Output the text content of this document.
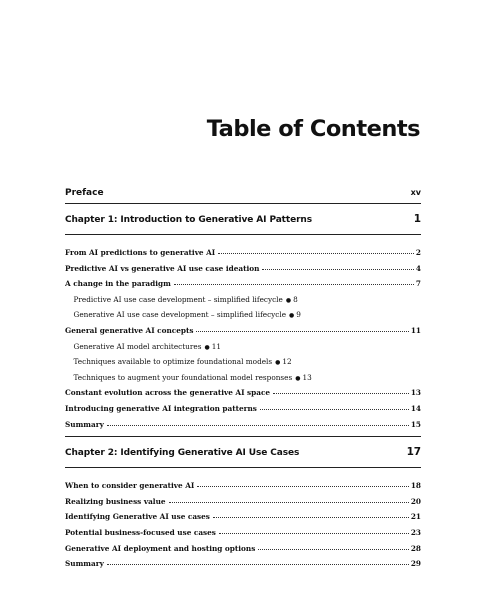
Table of Contents
Preface	xv
Chapter 1: Introduction to Generative AI Patterns	1
From AI predictions to generative AI	2
Predictive AI vs generative AI use case ideation	4
A change in the paradigm	7
Predictive AI use case development – simplified lifecycle ● 8
Generative AI use case development – simplified lifecycle ● 9
General generative AI concepts	11
Generative AI model architectures ● 11
Techniques available to optimize foundational models ● 12
Techniques to augment your foundational model responses ● 13
Constant evolution across the generative AI space	13
Introducing generative AI integration patterns	14
Summary	15
Chapter 2: Identifying Generative AI Use Cases	17
When to consider generative AI	18
Realizing business value	20
Identifying Generative AI use cases	21
Potential business-focused use cases	23
Generative AI deployment and hosting options	28
Summary	29
